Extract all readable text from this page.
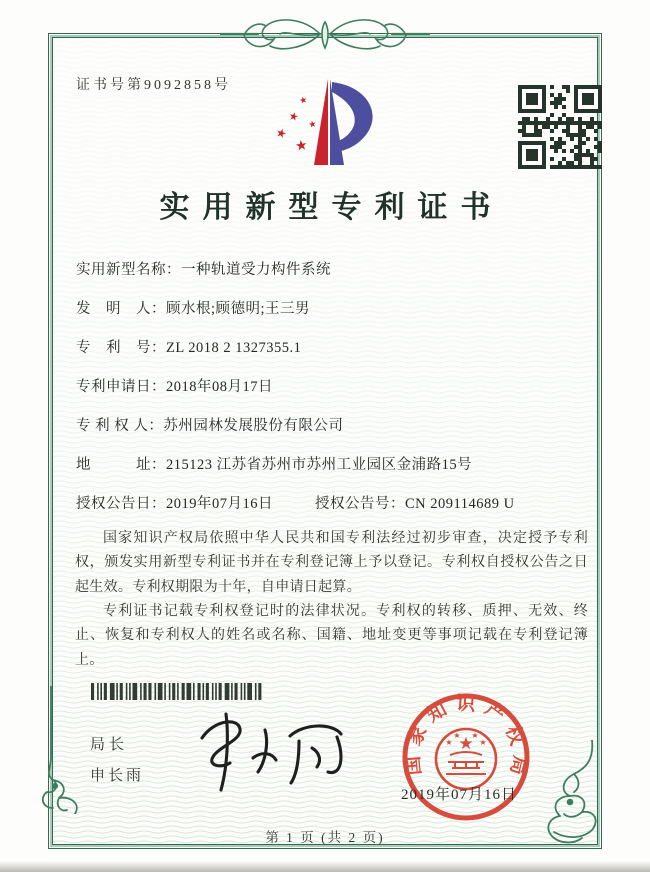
证书号第9092858号
★
★
★
★
★
实用新型专利证书
实用新型名称： 一种轨道受力构件系统
发　明　人： 顾水根;顾德明;王三男
专　利　号： ZL 2018 2 1327355.1
专利申请日： 2018年08月17日
专 利 权 人： 苏州园林发展股份有限公司
地　　　址： 215123 江苏省苏州市苏州工业园区金浦路15号
授权公告日： 2019年07月16日	授权公告号： CN 209114689 U

国家知识产权局依照中华人民共和国专利法经过初步审查，决定授予专利权，颁发实用新型专利证书并在专利登记簿上予以登记。专利权自授权公告之日起生效。专利权期限为十年，自申请日起算。

专利证书记载专利权登记时的法律状况。专利权的转移、质押、无效、终止、恢复和专利权人的姓名或名称、国籍、地址变更等事项记载在专利登记簿上。

局长
申长雨
国家知识产权局
★
★
★ ★
★
2019年07月16日
第 1 页 (共 2 页)
